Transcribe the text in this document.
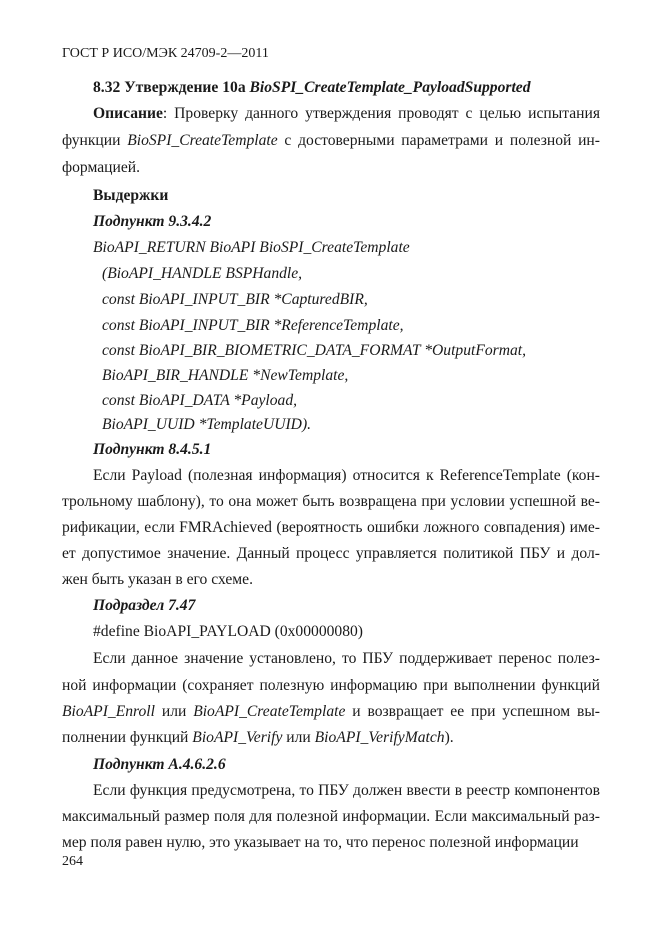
ГОСТ Р ИСО/МЭК 24709-2—2011
8.32 Утверждение 10a BioSPI_CreateTemplate_PayloadSupported
Описание: Проверку данного утверждения проводят с целью испытания
функции BioSPI_CreateTemplate с достоверными параметрами и полезной ин-
формацией.
Выдержки
Подпункт 9.3.4.2
BioAPI_RETURN BioAPI BioSPI_CreateTemplate
(BioAPI_HANDLE BSPHandle,
const BioAPI_INPUT_BIR *CapturedBIR,
const BioAPI_INPUT_BIR *ReferenceTemplate,
const BioAPI_BIR_BIOMETRIC_DATA_FORMAT *OutputFormat,
BioAPI_BIR_HANDLE *NewTemplate,
const BioAPI_DATA *Payload,
BioAPI_UUID *TemplateUUID).
Подпункт 8.4.5.1
Если Payload (полезная информация) относится к ReferenceTemplate (кон-
трольному шаблону), то она может быть возвращена при условии успешной ве-
рификации, если FMRAchieved (вероятность ошибки ложного совпадения) име-
ет допустимое значение. Данный процесс управляется политикой ПБУ и дол-
жен быть указан в его схеме.
Подраздел 7.47
#define BioAPI_PAYLOAD (0x00000080)
Если данное значение установлено, то ПБУ поддерживает перенос полез-
ной информации (сохраняет полезную информацию при выполнении функций
BioAPI_Enroll или BioAPI_CreateTemplate и возвращает ее при успешном вы-
полнении функций BioAPI_Verify или BioAPI_VerifyMatch).
Подпункт A.4.6.2.6
Если функция предусмотрена, то ПБУ должен ввести в реестр компонентов
максимальный размер поля для полезной информации. Если максимальный раз-
мер поля равен нулю, это указывает на то, что перенос полезной информации
264
